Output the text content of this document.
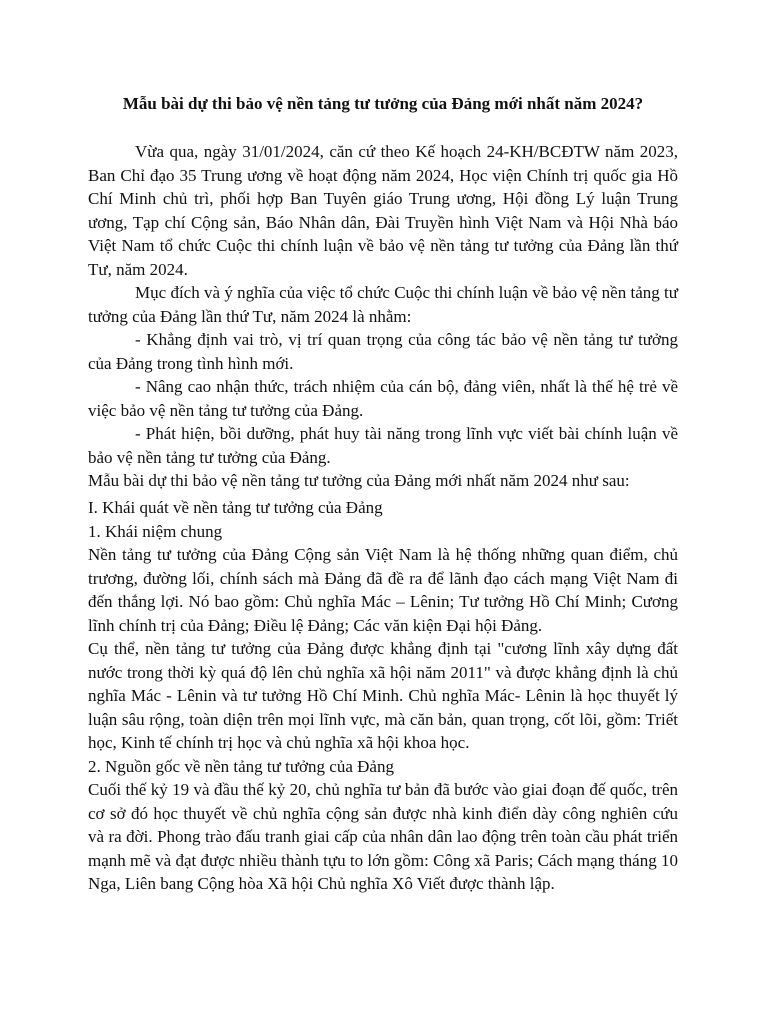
Mẫu bài dự thi bảo vệ nền tảng tư tưởng của Đảng mới nhất năm 2024?

Vừa qua, ngày 31/01/2024, căn cứ theo Kế hoạch 24-KH/BCĐTW năm 2023, Ban Chỉ đạo 35 Trung ương về hoạt động năm 2024, Học viện Chính trị quốc gia Hồ Chí Minh chủ trì, phối hợp Ban Tuyên giáo Trung ương, Hội đồng Lý luận Trung ương, Tạp chí Cộng sản, Báo Nhân dân, Đài Truyền hình Việt Nam và Hội Nhà báo Việt Nam tổ chức Cuộc thi chính luận về bảo vệ nền tảng tư tưởng của Đảng lần thứ Tư, năm 2024.

Mục đích và ý nghĩa của việc tổ chức Cuộc thi chính luận về bảo vệ nền tảng tư tưởng của Đảng lần thứ Tư, năm 2024 là nhằm:

- Khẳng định vai trò, vị trí quan trọng của công tác bảo vệ nền tảng tư tưởng của Đảng trong tình hình mới.

- Nâng cao nhận thức, trách nhiệm của cán bộ, đảng viên, nhất là thế hệ trẻ về việc bảo vệ nền tảng tư tưởng của Đảng.

- Phát hiện, bồi dưỡng, phát huy tài năng trong lĩnh vực viết bài chính luận về bảo vệ nền tảng tư tưởng của Đảng.

Mẫu bài dự thi bảo vệ nền tảng tư tưởng của Đảng mới nhất năm 2024 như sau:

I. Khái quát về nền tảng tư tưởng của Đảng

1. Khái niệm chung

Nền tảng tư tưởng của Đảng Cộng sản Việt Nam là hệ thống những quan điểm, chủ trương, đường lối, chính sách mà Đảng đã đề ra để lãnh đạo cách mạng Việt Nam đi đến thắng lợi. Nó bao gồm: Chủ nghĩa Mác – Lênin; Tư tưởng Hồ Chí Minh; Cương lĩnh chính trị của Đảng; Điều lệ Đảng; Các văn kiện Đại hội Đảng.

Cụ thể, nền tảng tư tưởng của Đảng được khẳng định tại "cương lĩnh xây dựng đất nước trong thời kỳ quá độ lên chủ nghĩa xã hội năm 2011" và được khẳng định là chủ nghĩa Mác - Lênin và tư tưởng Hồ Chí Minh. Chủ nghĩa Mác- Lênin là học thuyết lý luận sâu rộng, toàn diện trên mọi lĩnh vực, mà căn bản, quan trọng, cốt lõi, gồm: Triết học, Kinh tế chính trị học và chủ nghĩa xã hội khoa học.

2. Nguồn gốc về nền tảng tư tưởng của Đảng

Cuối thế kỷ 19 và đầu thế kỷ 20, chủ nghĩa tư bản đã bước vào giai đoạn đế quốc, trên cơ sở đó học thuyết về chủ nghĩa cộng sản được nhà kinh điển dày công nghiên cứu và ra đời. Phong trào đấu tranh giai cấp của nhân dân lao động trên toàn cầu phát triển mạnh mẽ và đạt được nhiều thành tựu to lớn gồm: Công xã Paris; Cách mạng tháng 10 Nga, Liên bang Cộng hòa Xã hội Chủ nghĩa Xô Viết được thành lập.
